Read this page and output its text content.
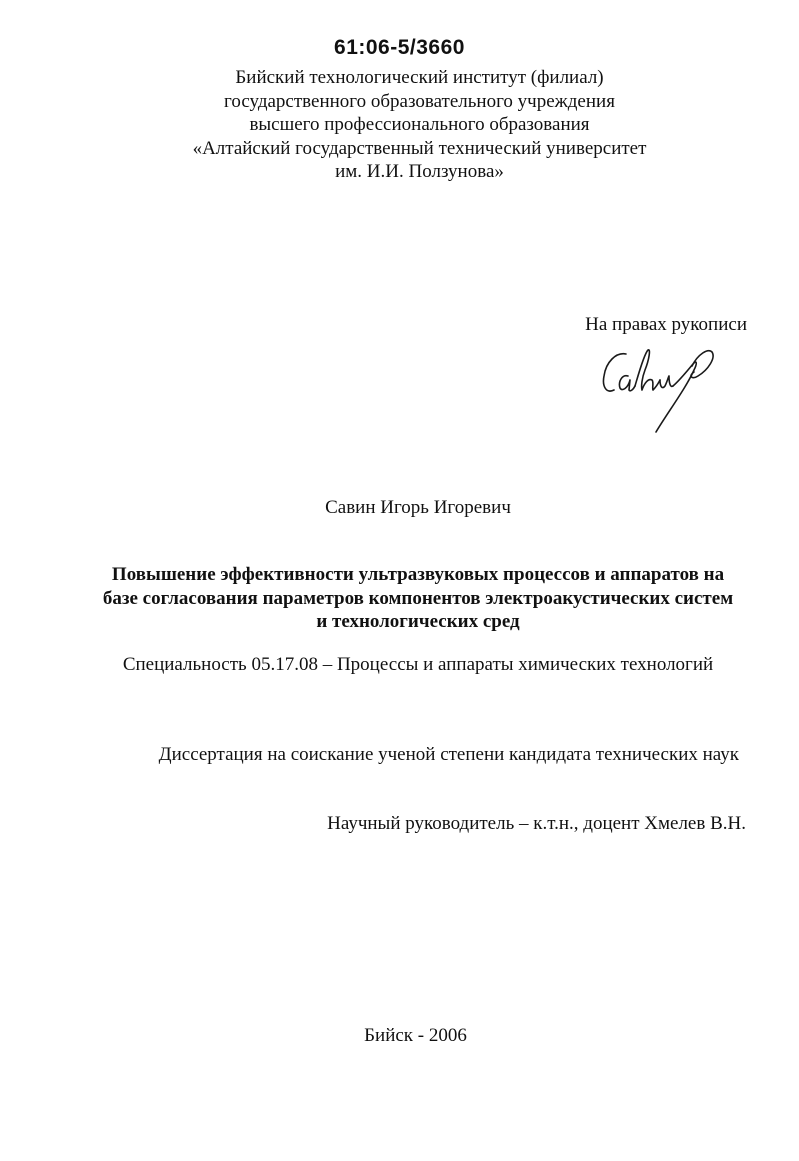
61:06-5/3660
Бийский технологический институт (филиал)
государственного образовательного учреждения
высшего профессионального образования
«Алтайский государственный технический университет
им. И.И. Ползунова»
На правах рукописи
Савин Игорь Игоревич
Повышение эффективности ультразвуковых процессов и аппаратов на
базе согласования параметров компонентов электроакустических систем
и технологических сред
Специальность 05.17.08 – Процессы и аппараты химических технологий
Диссертация на соискание ученой степени кандидата технических наук
Научный руководитель – к.т.н., доцент Хмелев В.Н.
Бийск - 2006
